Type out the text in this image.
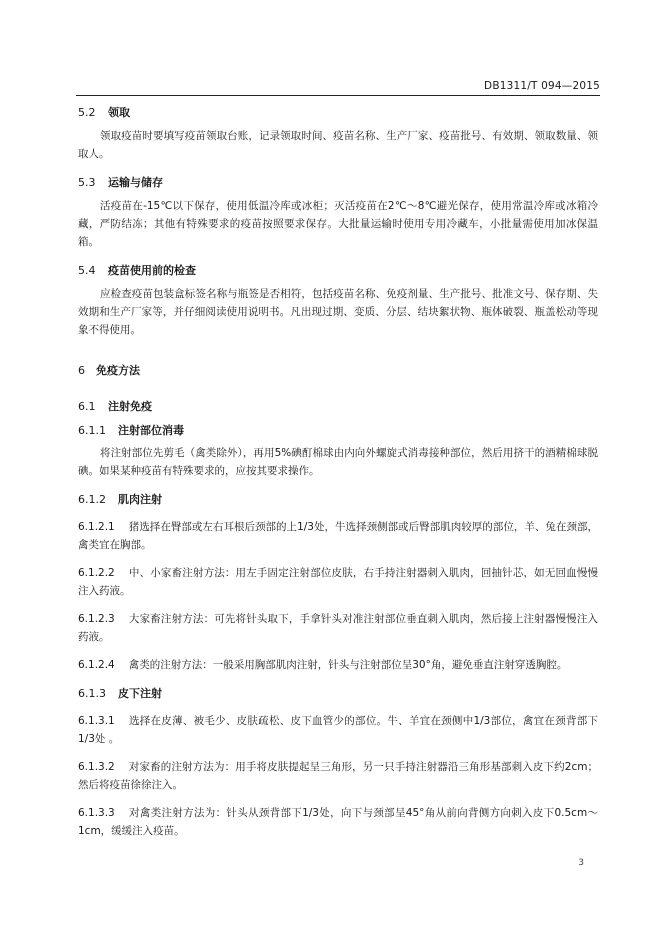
DB1311/T 094—2015
5.2 领取

领取疫苗时要填写疫苗领取台账，记录领取时间、疫苗名称、生产厂家、疫苗批号、有效期、领取数量、领取人。

5.3 运输与储存

活疫苗在-15℃以下保存，使用低温冷库或冰柜；灭活疫苗在2℃～8℃避光保存，使用常温冷库或冰箱冷藏，严防结冻；其他有特殊要求的疫苗按照要求保存。大批量运输时使用专用冷藏车，小批量需使用加冰保温箱。

5.4 疫苗使用前的检查

应检查疫苗包装盒标签名称与瓶签是否相符，包括疫苗名称、免疫剂量、生产批号、批准文号、保存期、失效期和生产厂家等，并仔细阅读使用说明书。凡出现过期、变质、分层、结块絮状物、瓶体破裂、瓶盖松动等现象不得使用。

6 免疫方法
6.1 注射免疫
6.1.1 注射部位消毒

将注射部位先剪毛（禽类除外），再用5%碘酊棉球由内向外螺旋式消毒接种部位，然后用挤干的酒精棉球脱碘。如果某种疫苗有特殊要求的，应按其要求操作。

6.1.2 肌肉注射

6.1.2.1 猪选择在臀部或左右耳根后颈部的上1/3处，牛选择颈侧部或后臀部肌肉较厚的部位，羊、兔在颈部，禽类宜在胸部。

6.1.2.2 中、小家畜注射方法：用左手固定注射部位皮肤，右手持注射器刺入肌肉，回抽针芯，如无回血慢慢注入药液。

6.1.2.3 大家畜注射方法：可先将针头取下，手拿针头对准注射部位垂直刺入肌肉，然后接上注射器慢慢注入药液。

6.1.2.4 禽类的注射方法：一般采用胸部肌肉注射，针头与注射部位呈30°角，避免垂直注射穿透胸腔。

6.1.3 皮下注射

6.1.3.1 选择在皮薄、被毛少、皮肤疏松、皮下血管少的部位。牛、羊宜在颈侧中1/3部位，禽宜在颈背部下1/3处 。

6.1.3.2 对家畜的注射方法为：用手将皮肤提起呈三角形，另一只手持注射器沿三角形基部刺入皮下约2cm；然后将疫苗徐徐注入。

6.1.3.3 对禽类注射方法为：针头从颈背部下1/3处，向下与颈部呈45°角从前向背侧方向刺入皮下0.5cm～1cm，缓缓注入疫苗。

3
